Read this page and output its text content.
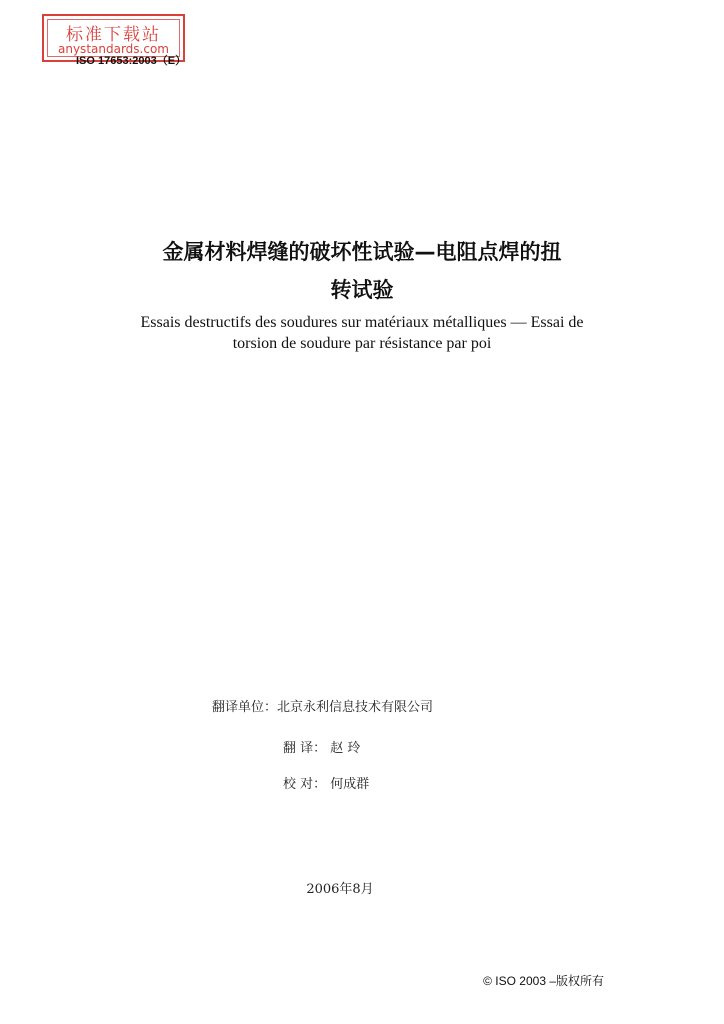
标准下载站
anystandards.com
ISO 17653:2003（E）
金属材料焊缝的破坏性试验—电阻点焊的扭
转试验
Essais destructifs des soudures sur matériaux métalliques — Essai de
torsion de soudure par résistance par poi
翻译单位：北京永利信息技术有限公司
翻 译： 赵 玲
校 对： 何成群
2006年8月
© ISO 2003 –版权所有
